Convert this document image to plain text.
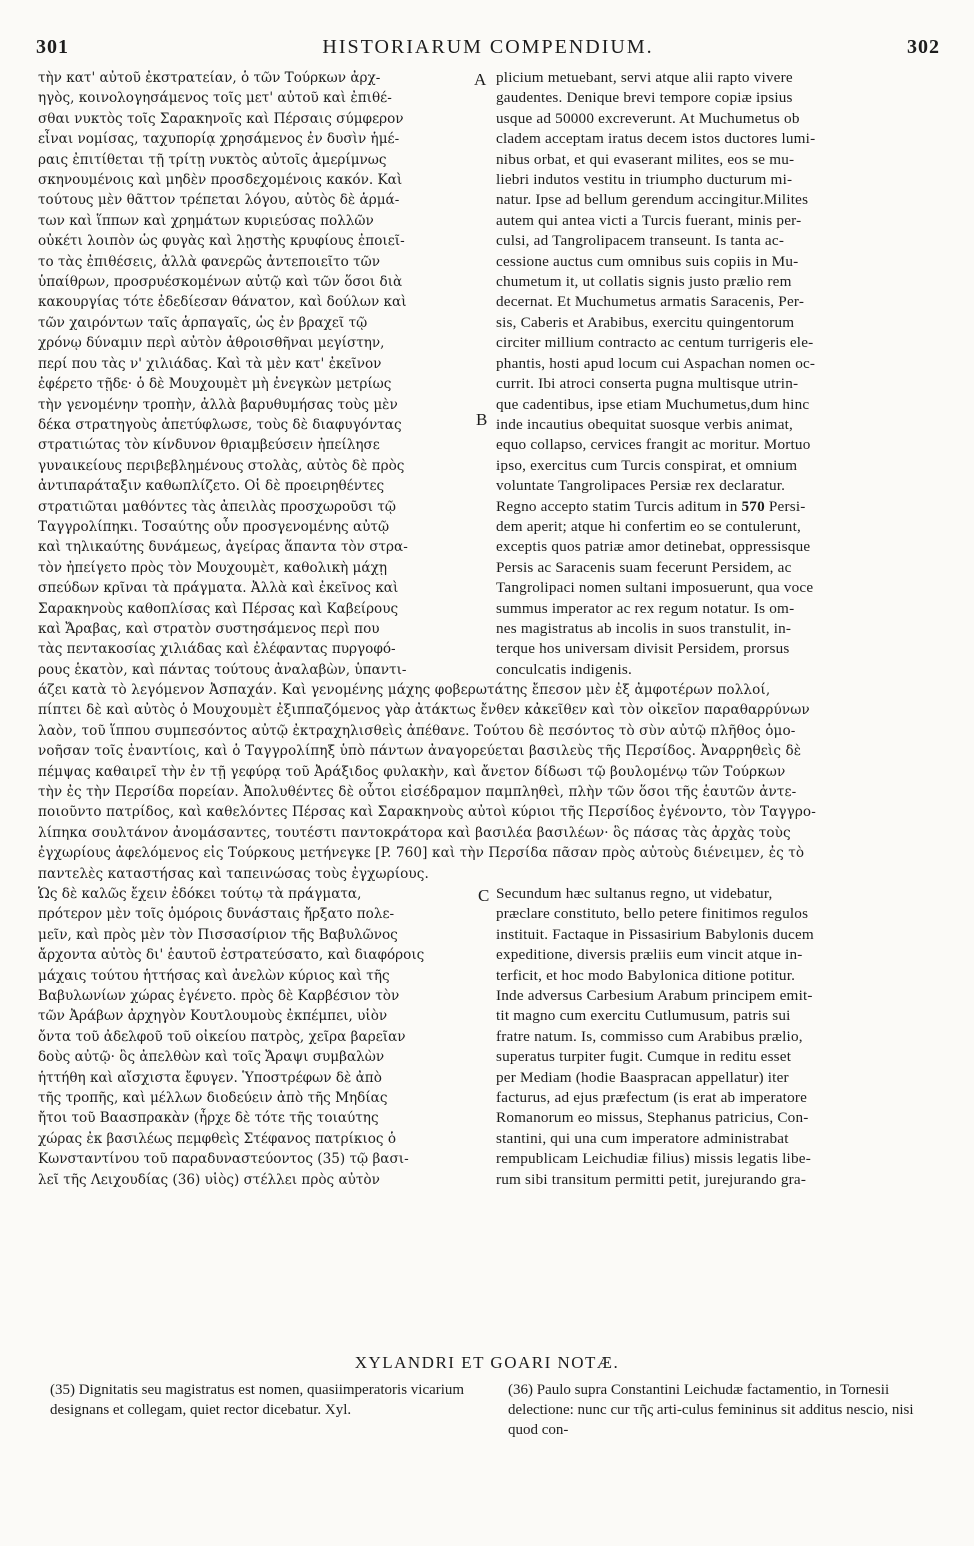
301	HISTORIARUM COMPENDIUM.	302
τὴν κατ' αὐτοῦ ἐκστρατείαν, ὁ τῶν Τούρκων ἀρχ-
ηγὸς, κοινολογησάμενος τοῖς μετ' αὐτοῦ καὶ ἐπιθέ-
σθαι νυκτὸς τοῖς Σαρακηνοῖς καὶ Πέρσαις σύμφερον
εἶναι νομίσας, ταχυπορίᾳ χρησάμενος ἐν δυσὶν ἡμέ-
ραις ἐπιτίθεται τῇ τρίτῃ νυκτὸς αὐτοῖς ἀμερίμνως
σκηνουμένοις καὶ μηδὲν προσδεχομένοις κακόν. Καὶ
τούτους μὲν θᾶττον τρέπεται λόγου, αὐτὸς δὲ ἁρμά-
των καὶ ἵππων καὶ χρημάτων κυριεύσας πολλῶν
οὐκέτι λοιπὸν ὡς φυγὰς καὶ λῃστὴς κρυφίους ἐποιεῖ-
το τὰς ἐπιθέσεις, ἀλλὰ φανερῶς ἀντεποιεῖτο τῶν
ὑπαίθρων, προσρυέσκομένων αὐτῷ καὶ τῶν ὅσοι διὰ
κακουργίας τότε ἐδεδίεσαν θάνατον, καὶ δούλων καὶ
τῶν χαιρόντων ταῖς ἁρπαγαῖς, ὡς ἐν βραχεῖ τῷ
χρόνῳ δύναμιν περὶ αὐτὸν ἀθροισθῆναι μεγίστην,
περί που τὰς ν' χιλιάδας. Καὶ τὰ μὲν κατ' ἐκεῖνον
ἐφέρετο τῇδε· ὁ δὲ Μουχουμὲτ μὴ ἐνεγκὼν μετρίως
τὴν γενομένην τροπὴν, ἀλλὰ βαρυθυμήσας τοὺς μὲν
δέκα στρατηγοὺς ἀπετύφλωσε, τοὺς δὲ διαφυγόντας
στρατιώτας τὸν κίνδυνον θριαμβεύσειν ἠπείλησε
γυναικείους περιβεβλημένους στολὰς, αὐτὸς δὲ πρὸς
ἀντιπαράταξιν καθωπλίζετο. Οἱ δὲ προειρηθέντες
στρατιῶται μαθόντες τὰς ἀπειλὰς προσχωροῦσι τῷ
Ταγγρολίπηκι. Τοσαύτης οὖν προσγενομένης αὐτῷ
καὶ τηλικαύτης δυνάμεως, ἀγείρας ἅπαντα τὸν στρα-
τὸν ἠπείγετο πρὸς τὸν Μουχουμὲτ, καθολικὴ μάχῃ
σπεύδων κρῖναι τὰ πράγματα. Ἀλλὰ καὶ ἐκεῖνος καὶ
Σαρακηνοὺς καθοπλίσας καὶ Πέρσας καὶ Καβείρους
καὶ Ἄραβας, καὶ στρατὸν συστησάμενος περὶ που
τὰς πεντακοσίας χιλιάδας καὶ ἐλέφαντας πυργοφό-
ρους ἑκατὸν, καὶ πάντας τούτους ἀναλαβὼν, ὑπαντι-
A plicium metuebant, servi atque alii rapto vivere
gaudentes. Denique brevi tempore copiæ ipsius
usque ad 50000 excreverunt. At Muchumetus ob
cladem acceptam iratus decem istos ductores lumi-
nibus orbat, et qui evaserant milites, eos se mu-
liebri indutos vestitu in triumpho ducturum mi-
natur. Ipse ad bellum gerendum accingitur.Milites
autem qui antea victi a Turcis fuerant, minis per-
culsi, ad Tangrolipacem transeunt. Is tanta ac-
cessione auctus cum omnibus suis copiis in Mu-
chumetum it, ut collatis signis justo prælio rem
decernat. Et Muchumetus armatis Saracenis, Per-
sis, Caberis et Arabibus, exercitu quingentorum
circiter millium contracto ac centum turrigeris ele-
phantis, hosti apud locum cui Aspachan nomen oc-
currit. Ibi atroci conserta pugna multisque utrin-
que cadentibus, ipse etiam Muchumetus,dum hinc
inde incautius obequitat suosque verbis animat,
equo collapso, cervices frangit ac moritur. Mortuo
ipso, exercitus cum Turcis conspirat, et omnium
voluntate Tangrolipaces Persiæ rex declaratur.
Regno accepto statim Turcis aditum in 570 Persi-
dem aperit; atque hi confertim eo se contulerunt,
exceptis quos patriæ amor detinebat, oppressisque
Persis ac Saracenis suam fecerunt Persidem, ac
Tangrolipaci nomen sultani imposuerunt, qua voce
summus imperator ac rex regum notatur. Is om-
nes magistratus ab incolis in suos transtulit, in-
terque hos universam divisit Persidem, prorsus
conculcatis indigenis.
B
άζει κατὰ τὸ λεγόμενον Ἀσπαχάν. Καὶ γενομένης μάχης φοβερωτάτης ἔπεσον μὲν ἐξ ἀμφοτέρων πολλοί,
πίπτει δὲ καὶ αὐτὸς ὁ Μουχουμὲτ ἐξιππαζόμενος γὰρ ἀτάκτως ἔνθεν κἀκεῖθεν καὶ τὸν οἰκεῖον παραθαρρύνων
λαὸν, τοῦ ἵππου συμπεσόντος αὐτῷ ἐκτραχηλισθεὶς ἀπέθανε. Τούτου δὲ πεσόντος τὸ σὺν αὐτῷ πλῆθος ὁμο-
νοῆσαν τοῖς ἐναντίοις, καὶ ὁ Ταγγρολίπηξ ὑπὸ πάντων ἀναγορεύεται βασιλεὺς τῆς Περσίδος. Ἀναρρηθεὶς δὲ
πέμψας καθαιρεῖ τὴν ἐν τῇ γεφύρᾳ τοῦ Ἀράξιδος φυλακὴν, καὶ ἄνετον δίδωσι τῷ βουλομένῳ τῶν Τούρκων
τὴν ἐς τὴν Περσίδα πορείαν. Ἀπολυθέντες δὲ οὗτοι εἰσέδραμον παμπληθεὶ, πλὴν τῶν ὅσοι τῆς ἑαυτῶν ἀντε-
ποιοῦντο πατρίδος, καὶ καθελόντες Πέρσας καὶ Σαρακηνοὺς αὐτοὶ κύριοι τῆς Περσίδος ἐγένοντο, τὸν Ταγγρο-
λίπηκα σουλτάνον ἀνομάσαντες, τουτέστι παντοκράτορα καὶ βασιλέα βασιλέων· ὃς πάσας τὰς ἀρχὰς τοὺς
ἐγχωρίους ἀφελόμενος εἰς Τούρκους μετήνεγκε [P. 760] καὶ τὴν Περσίδα πᾶσαν πρὸς αὐτοὺς διένειμεν, ἐς τὸ
παντελὲς καταστήσας καὶ ταπεινώσας τοὺς ἐγχωρίους.
Ὡς δὲ καλῶς ἔχειν ἐδόκει τούτῳ τὰ πράγματα,
πρότερον μὲν τοῖς ὁμόροις δυνάσταις ἤρξατο πολε-
μεῖν, καὶ πρὸς μὲν τὸν Πισσασίριον τῆς Βαβυλῶνος
ἄρχοντα αὐτὸς δι' ἑαυτοῦ ἐστρατεύσατο, καὶ διαφόροις
μάχαις τούτου ἡττήσας καὶ ἀνελὼν κύριος καὶ τῆς
Βαβυλωνίων χώρας ἐγένετο. πρὸς δὲ Καρβέσιον τὸν
τῶν Ἀράβων ἀρχηγὸν Κουτλουμοὺς ἐκπέμπει, υἱὸν
ὄντα τοῦ ἀδελφοῦ τοῦ οἰκείου πατρὸς, χεῖρα βαρεῖαν
δοὺς αὐτῷ· ὃς ἀπελθὼν καὶ τοῖς Ἄραψι συμβαλὼν
ἡττήθη καὶ αἴσχιστα ἔφυγεν. Ὑποστρέφων δὲ ἀπὸ
τῆς τροπῆς, καὶ μέλλων διοδεύειν ἀπὸ τῆς Μηδίας
ἤτοι τοῦ Βαασπρακὰν (ἦρχε δὲ τότε τῆς τοιαύτης
χώρας ἐκ βασιλέως πεμφθεὶς Στέφανος πατρίκιος ὁ
Κωνσταντίνου τοῦ παραδυναστεύοντος (35) τῷ βασι-
λεῖ τῆς Λειχουδίας (36) υἱὸς) στέλλει πρὸς αὐτὸν
C Secundum hæc sultanus regno, ut videbatur,
præclare constituto, bello petere finitimos regulos
instituit. Factaque in Pissasirium Babylonis ducem
expeditione, diversis præliis eum vincit atque in-
terficit, et hoc modo Babylonica ditione potitur.
Inde adversus Carbesium Arabum principem emit-
tit magno cum exercitu Cutlumusum, patris sui
fratre natum. Is, commisso cum Arabibus prælio,
superatus turpiter fugit. Cumque in reditu esset
per Mediam (hodie Baaspracan appellatur) iter
facturus, ad ejus præfectum (is erat ab imperatore
Romanorum eo missus, Stephanus patricius, Con-
stantini, qui una cum imperatore administrabat
rempublicam Leichudiæ filius) missis legatis libe-
rum sibi transitum permitti petit, jurejurando gra-
XYLANDRI ET GOARI NOTÆ.
(35) Dignitatis seu magistratus est nomen, quasiimperatoris vicarium designans et collegam, quiet rector dicebatur. Xyl.
(36) Paulo supra Constantini Leichudæ factamentio, in Tornesii delectione: nunc cur τῆς arti-culus femininus sit additus nescio, nisi quod con-
